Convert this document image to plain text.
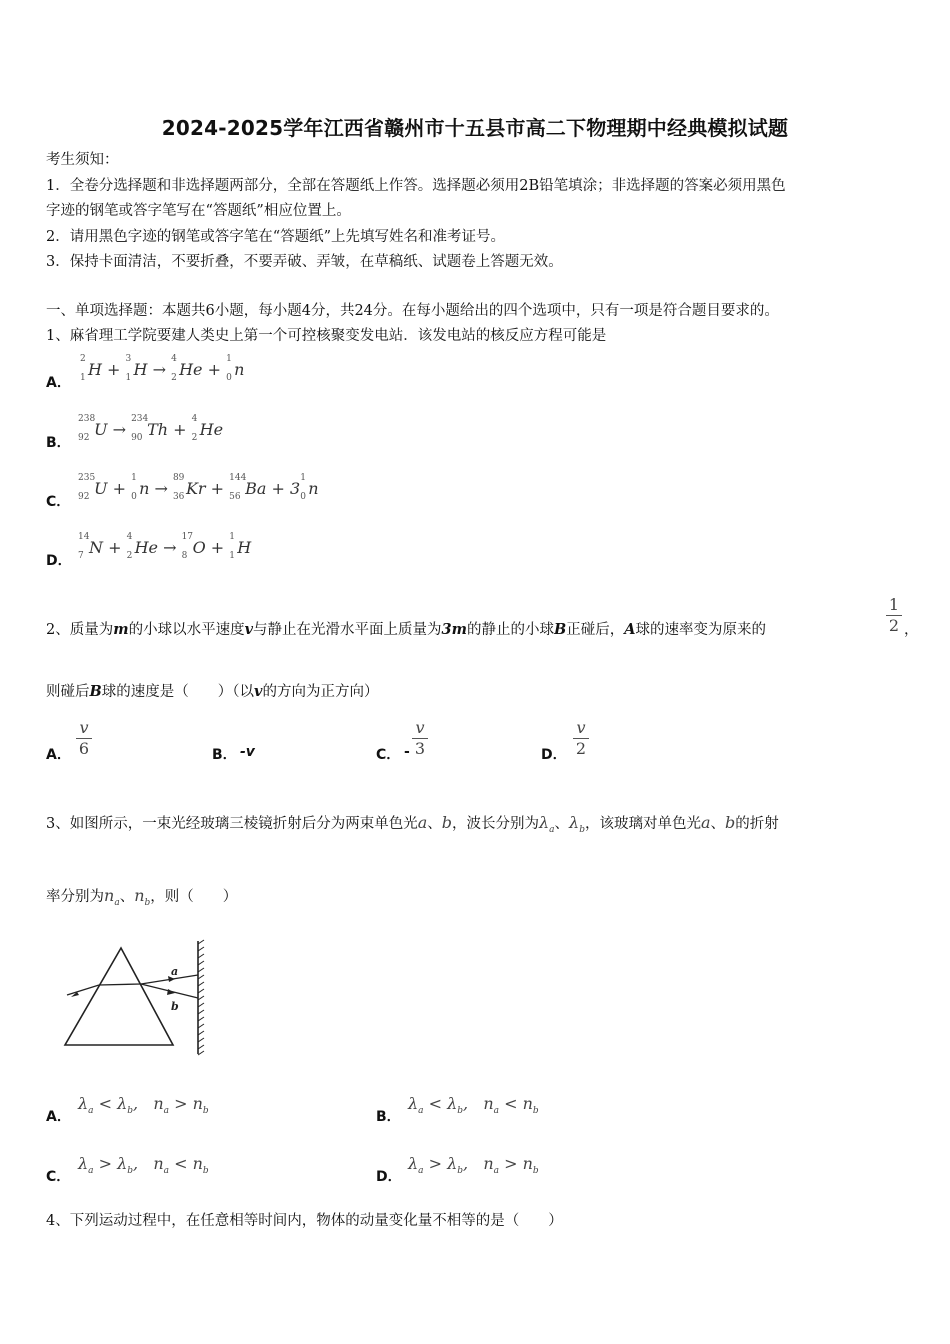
2024-2025学年江西省赣州市十五县市高二下物理期中经典模拟试题
考生须知：
1．全卷分选择题和非选择题两部分，全部在答题纸上作答。选择题必须用2B铅笔填涂；非选择题的答案必须用黑色
字迹的钢笔或答字笔写在“答题纸”相应位置上。
2．请用黑色字迹的钢笔或答字笔在“答题纸”上先填写姓名和准考证号。
3．保持卡面清洁，不要折叠，不要弄破、弄皱，在草稿纸、试题卷上答题无效。
一、单项选择题：本题共6小题，每小题4分，共24分。在每小题给出的四个选项中，只有一项是符合题目要求的。
1、麻省理工学院要建人类史上第一个可控核聚变发电站．该发电站的核反应方程可能是
A．
2
1 H +
3
1 H →
4
2 He +
1
0 n
B．
238
92 U →
234
90 Th +
4
2 He
C．
235
92 U +
1
0 n →
89
36 Kr +
144
56 Ba + 3
1
0 n
D．
14
7 N +
4
2 He →
17
8 O +
1
1 H
2、质量为m的小球以水平速度v与静止在光滑水平面上质量为3m的静止的小球B正碰后，A球的速率变为原来的
1
2 ，
则碰后B球的速度是（　　）（以v的方向为正方向）
A．
v
6	B． -v	C． -
v
3	D．
v
2
3、如图所示，一束光经玻璃三棱镜折射后分为两束单色光a、b，波长分别为$\lambda_a$、$\lambda_b$，该玻璃对单色光a、b的折射
率分别为$n_a$、$n_b$，则（　　）
a
b
A．
$\lambda_a < \lambda_b$,   $n_a > n_b$	B．
$\lambda_a < \lambda_b$,   $n_a < n_b$
C．
$\lambda_a > \lambda_b$,   $n_a < n_b$	D．
$\lambda_a > \lambda_b$,   $n_a > n_b$
4、下列运动过程中，在任意相等时间内，物体的动量变化量不相等的是（　　）
